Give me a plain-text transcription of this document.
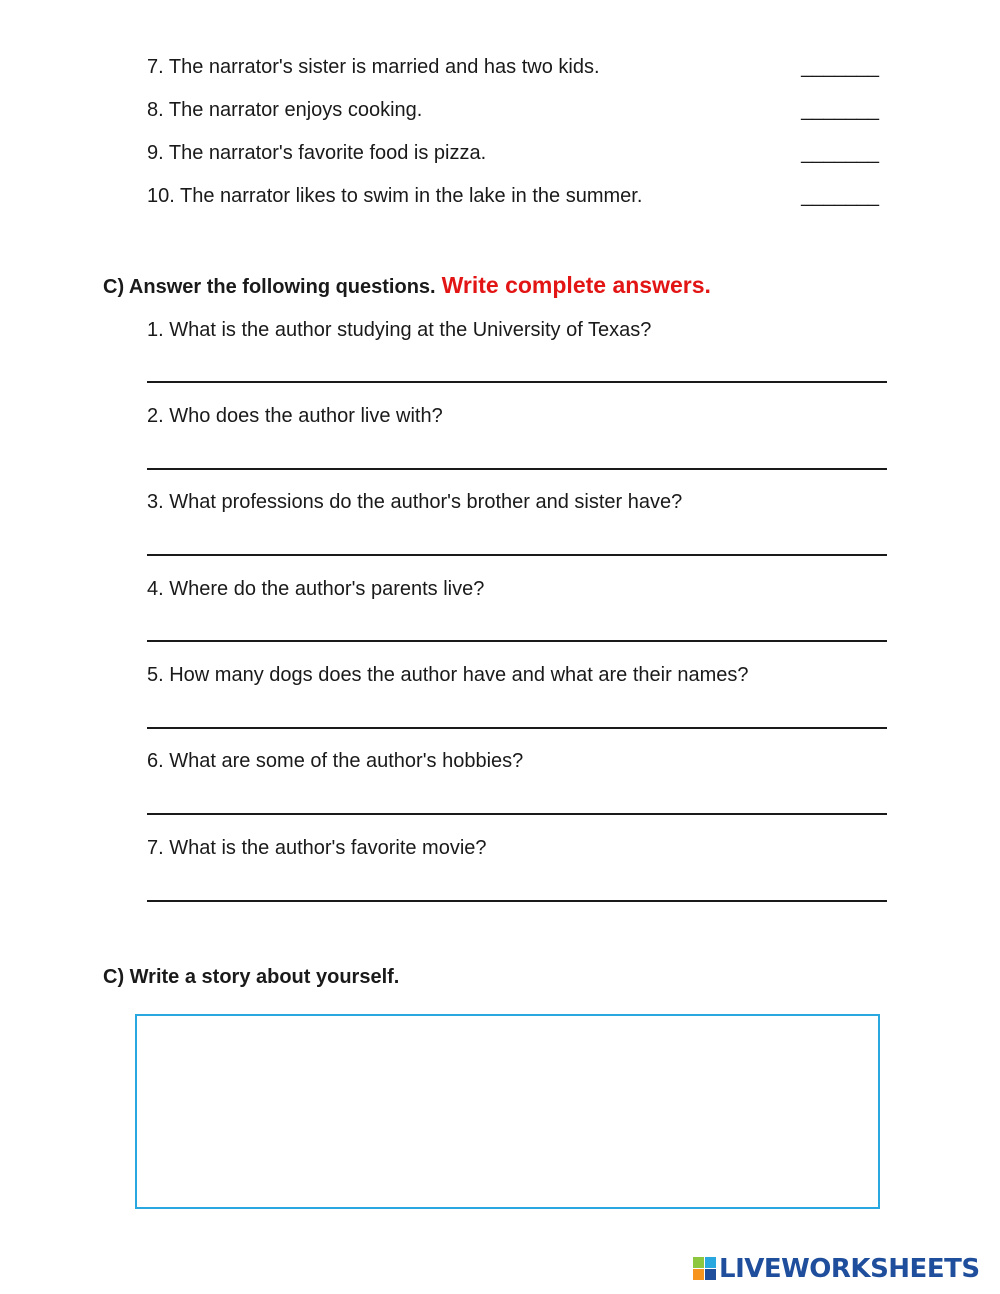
7. The narrator's sister is married and has two kids.	_______
8. The narrator enjoys cooking.	_______
9. The narrator's favorite food is pizza.	_______
10. The narrator likes to swim in the lake in the summer.	_______
C) Answer the following questions. Write complete answers.
1. What is the author studying at the University of Texas?
2. Who does the author live with?
3. What professions do the author's brother and sister have?
4. Where do the author's parents live?
5. How many dogs does the author have and what are their names?
6. What are some of the author's hobbies?
7. What is the author's favorite movie?
C) Write a story about yourself.
LIVEWORKSHEETS
